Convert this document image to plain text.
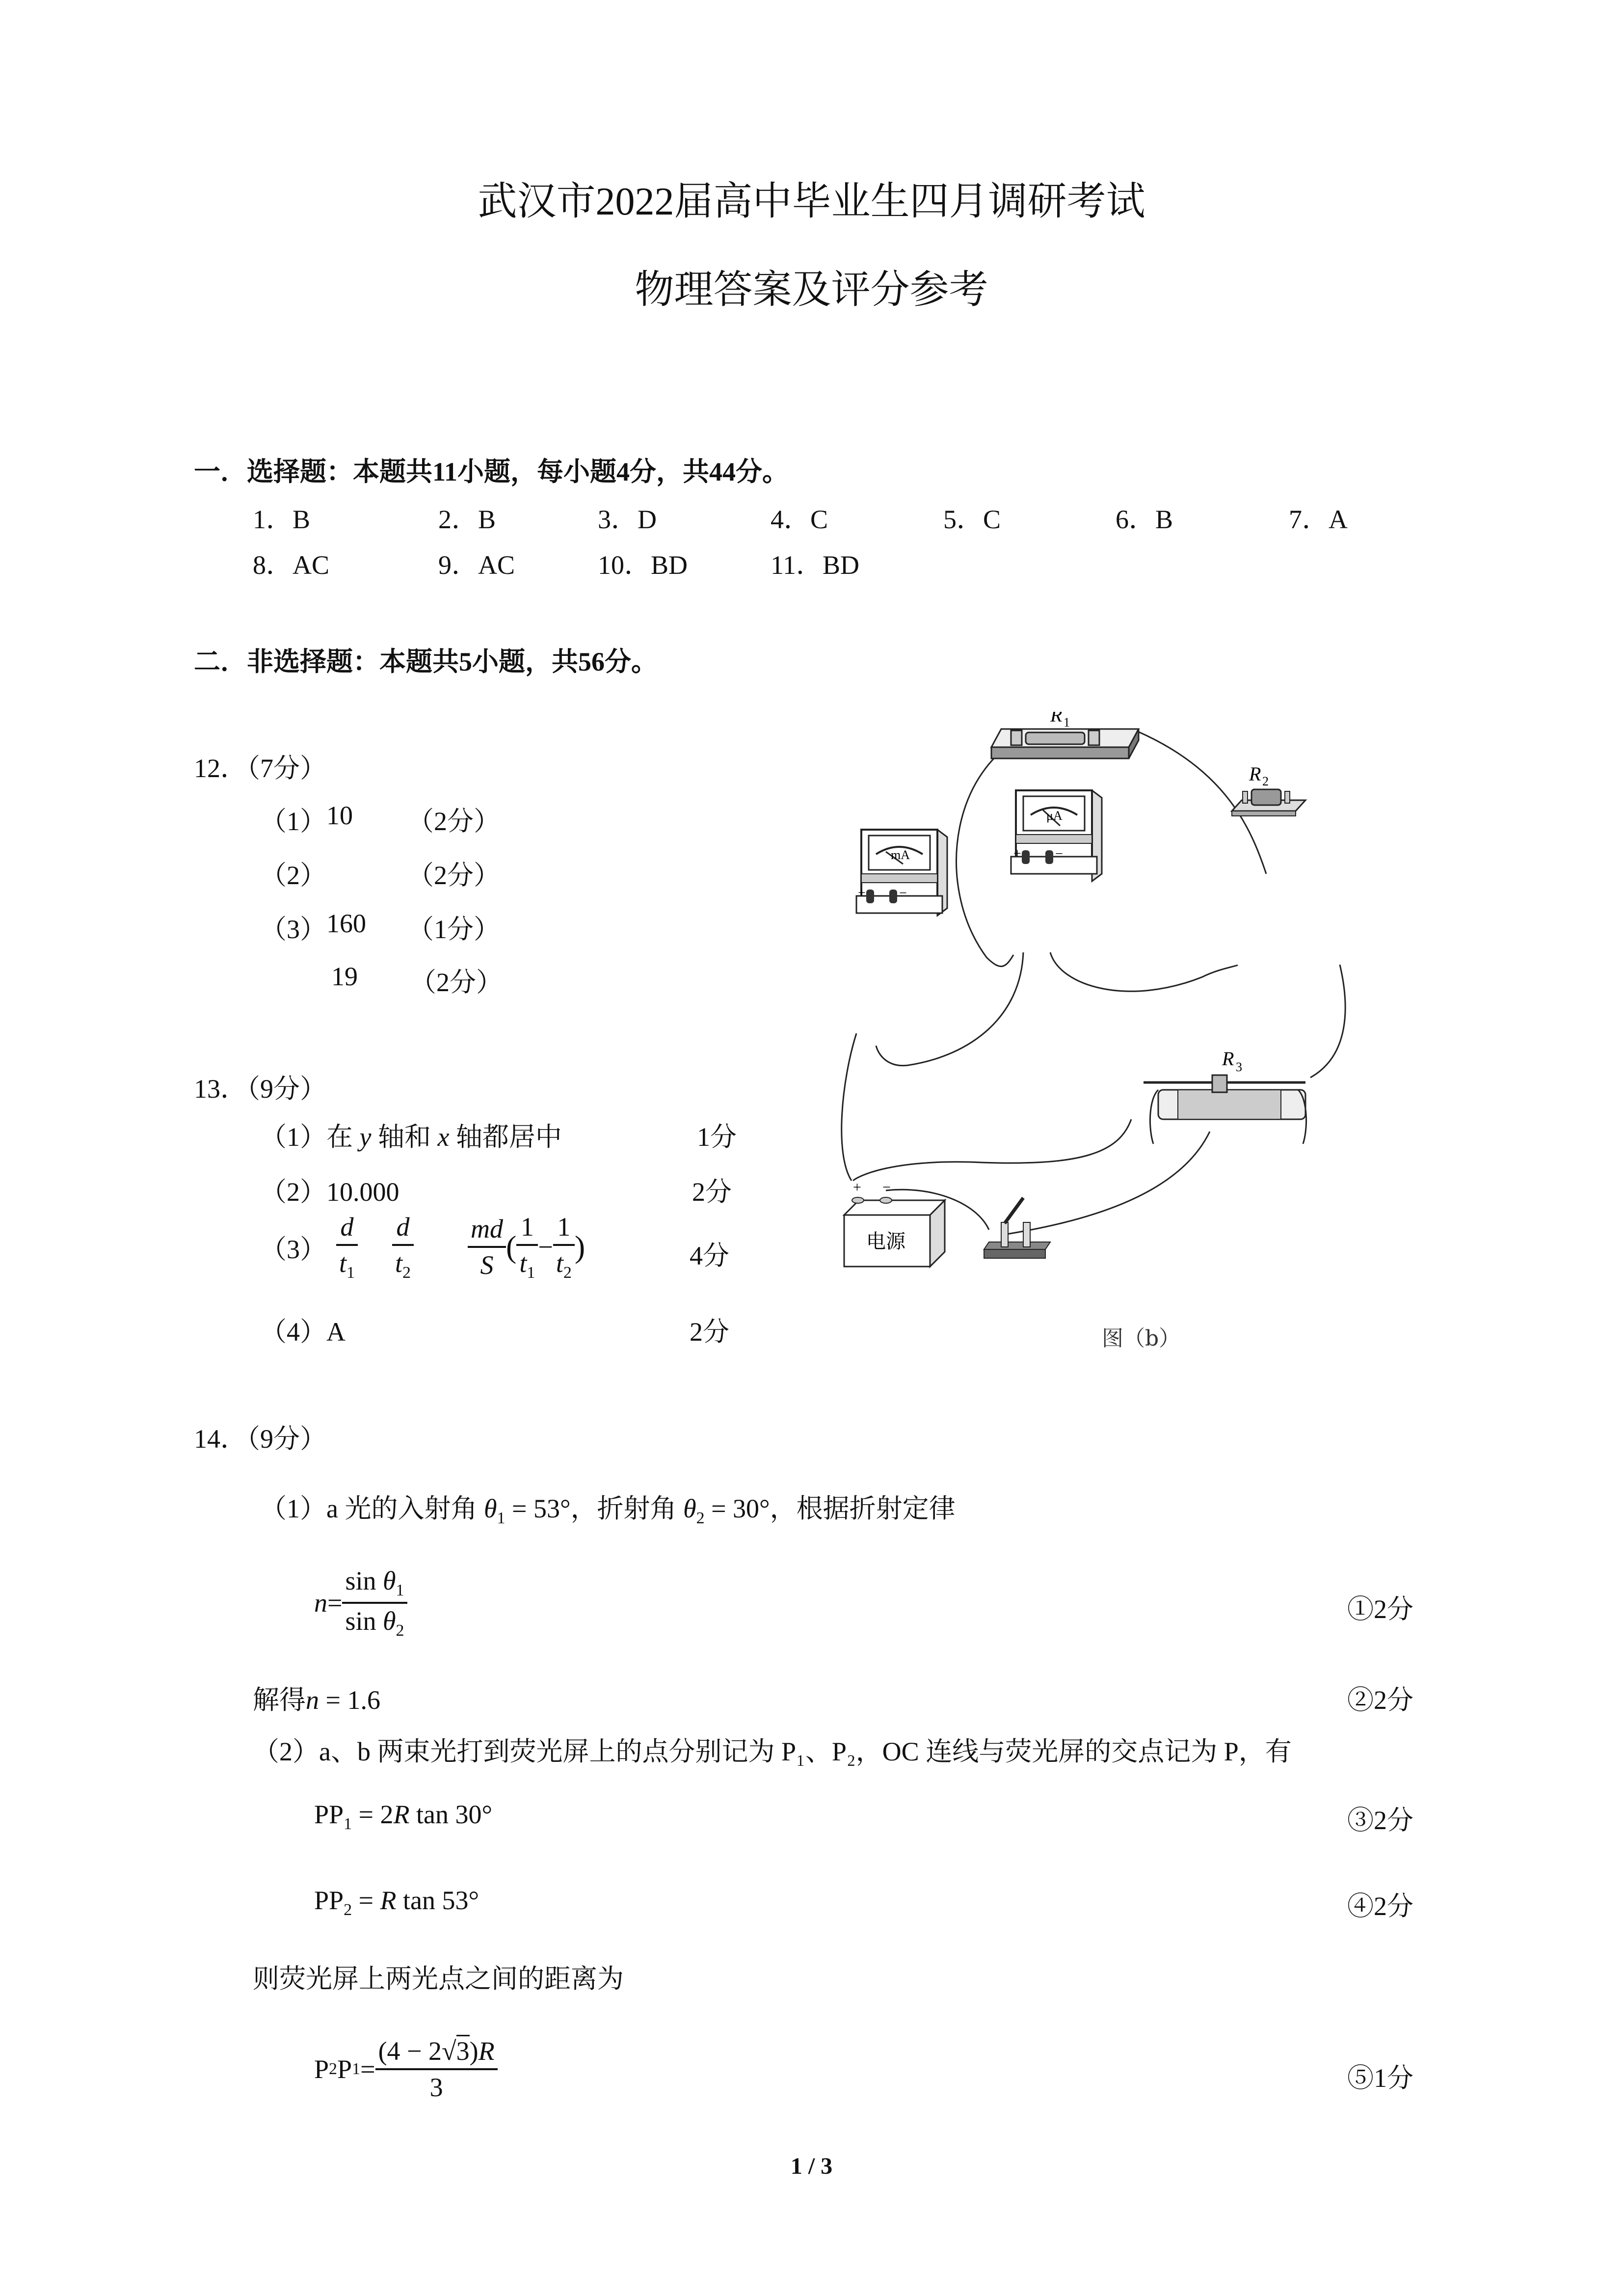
武汉市2022届高中毕业生四月调研考试
物理答案及评分参考
一．选择题：本题共11小题，每小题4分，共44分。
1．B	2．B	3．D	4．C	5．C	6．B	7．A
8．AC	9．AC	10．BD	11．BD
二．非选择题：本题共5小题，共56分。
12．（7分）
（1） 10 （2分）
（2）	（2分）
（3） 160 （1分）
19 （2分）
R 1
μA
+ −
R 2
mA
+ −
R 3
+ −
电源
图（b）
13．（9分）
（1）在 y 轴和 x 轴都居中	1分
（2）10.000	2分
$(3) \frac{d}{t_1} \frac{d}{t_2} \frac{md}{S}$ ( $\frac{1}{t_1} - \frac{1}{t_2}$ )	4分
（4）A	2分
14．（9分）
（1）a 光的入射角 $\theta_1 = 53^\circ$，折射角 $\theta_2 = 30^\circ$，根据折射定律
$n = \frac{\sin \theta_1}{\sin \theta_2}$	①2分
解得n = 1.6	②2分
（2）a、b 两束光打到荧光屏上的点分别记为 P₁、P₂，OC 连线与荧光屏的交点记为 P，有
$PP_1 = 2R$ tan 30°	③2分
$PP_2 = R$ tan 53°	④2分
则荧光屏上两光点之间的距离为
P 2 P $1 = \frac{(4 - 2√3)R}{3}$	⑤1分
1 / 3
